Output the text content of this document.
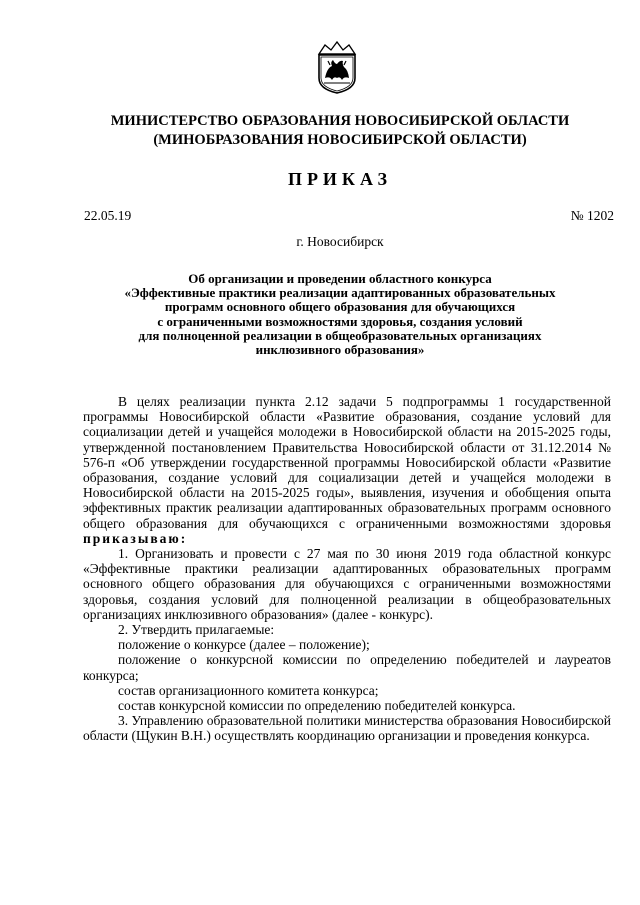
МИНИСТЕРСТВО ОБРАЗОВАНИЯ НОВОСИБИРСКОЙ ОБЛАСТИ
(МИНОБРАЗОВАНИЯ НОВОСИБИРСКОЙ ОБЛАСТИ)
ПРИКАЗ
22.05.19	№ 1202
г. Новосибирск
Об организации и проведении областного конкурса
«Эффективные практики реализации адаптированных образовательных
программ основного общего образования для обучающихся
с ограниченными возможностями здоровья, создания условий
для полноценной реализации в общеобразовательных организациях
инклюзивного образования»

В целях реализации пункта 2.12 задачи 5 подпрограммы 1 государственной программы Новосибирской области «Развитие образования, создание условий для социализации детей и учащейся молодежи в Новосибирской области на 2015-2025 годы, утвержденной постановлением Правительства Новосибирской области от 31.12.2014 № 576-п «Об утверждении государственной программы Новосибирской области «Развитие образования, создание условий для социализации детей и учащейся молодежи в Новосибирской области на 2015-2025 годы», выявления, изучения и обобщения опыта эффективных практик реализации адаптированных образовательных программ основного общего образования для обучающихся с ограниченными возможностями здоровья

приказываю:

1. Организовать и провести с 27 мая по 30 июня 2019 года областной конкурс «Эффективные практики реализации адаптированных образовательных программ основного общего образования для обучающихся с ограниченными возможностями здоровья, создания условий для полноценной реализации в общеобразовательных организациях инклюзивного образования» (далее - конкурс).

2. Утвердить прилагаемые:

положение о конкурсе (далее – положение);

положение о конкурсной комиссии по определению победителей и лауреатов конкурса;

состав организационного комитета конкурса;

состав конкурсной комиссии по определению победителей конкурса.

3. Управлению образовательной политики министерства образования Новосибирской области (Щукин В.Н.) осуществлять координацию организации и проведения конкурса.
